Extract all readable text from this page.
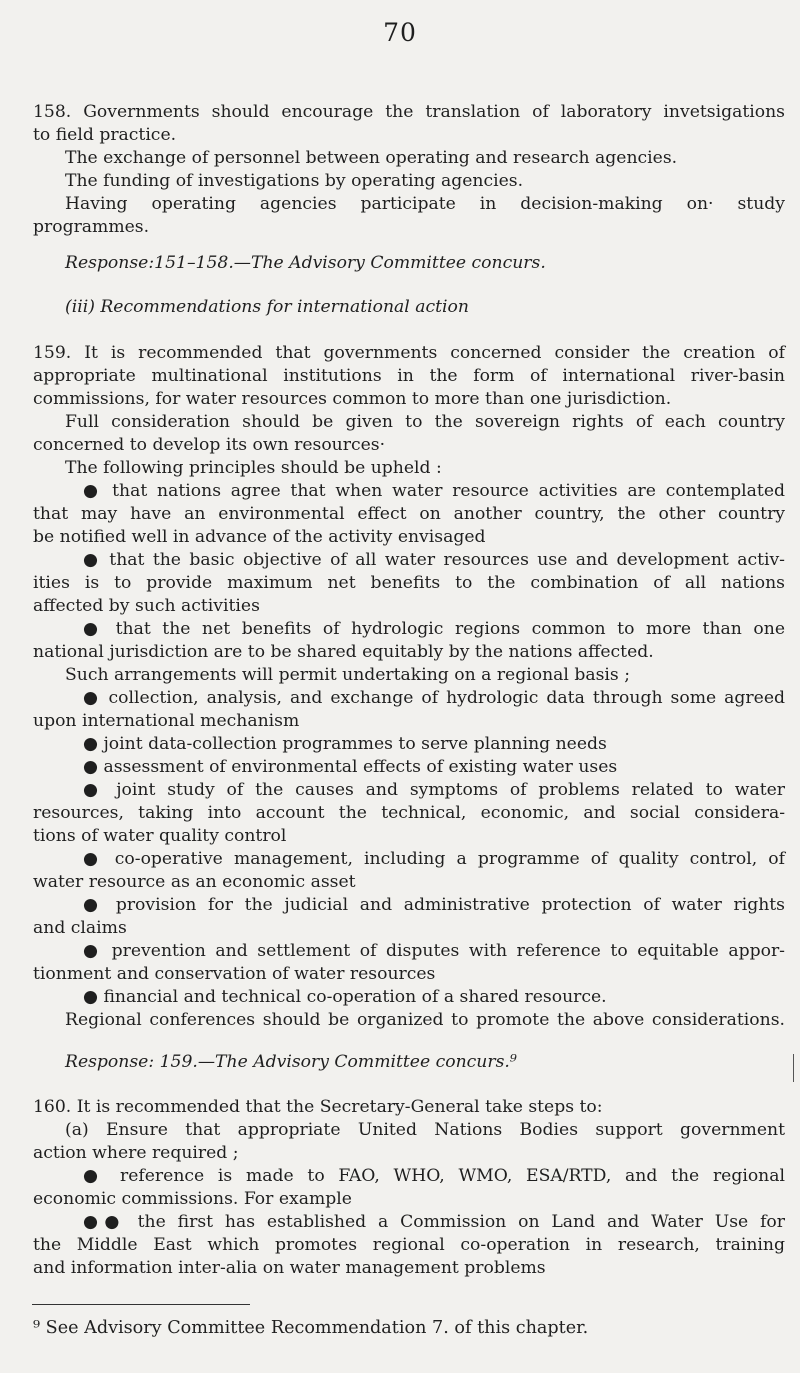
70
158. Governments should encourage the translation of laboratory invetsigations
to field practice.
The exchange of personnel between operating and research agencies.
The funding of investigations by operating agencies.
Having operating agencies participate in decision-making on· study
programmes.
Response:151–158.—The Advisory Committee concurs.
(iii) Recommendations for international action
159. It is recommended that governments concerned consider the creation of
appropriate multinational institutions in the form of international river-basin
commissions, for water resources common to more than one jurisdiction.
Full consideration should be given to the sovereign rights of each country
concerned to develop its own resources·
The following principles should be upheld :
● that nations agree that when water resource activities are contemplated
that may have an environmental effect on another country, the other country
be notified well in advance of the activity envisaged
● that the basic objective of all water resources use and development activ-
ities is to provide maximum net benefits to the combination of all nations
affected by such activities
● that the net benefits of hydrologic regions common to more than one
national jurisdiction are to be shared equitably by the nations affected.
Such arrangements will permit undertaking on a regional basis ;
● collection, analysis, and exchange of hydrologic data through some agreed
upon international mechanism
● joint data-collection programmes to serve planning needs
● assessment of environmental effects of existing water uses
● joint study of the causes and symptoms of problems related to water
resources, taking into account the technical, economic, and social considera-
tions of water quality control
● co-operative management, including a programme of quality control, of
water resource as an economic asset
● provision for the judicial and administrative protection of water rights
and claims
● prevention and settlement of disputes with reference to equitable appor-
tionment and conservation of water resources
● financial and technical co-operation of a shared resource.
Regional conferences should be organized to promote the above considerations.
Response: 159.—The Advisory Committee concurs.⁹
160. It is recommended that the Secretary-General take steps to:
(a) Ensure that appropriate United Nations Bodies support government
action where required ;
● reference is made to FAO, WHO, WMO, ESA/RTD, and the regional
economic commissions. For example
●● the first has established a Commission on Land and Water Use for
the Middle East which promotes regional co-operation in research, training
and information inter-alia on water management problems
⁹ See Advisory Committee Recommendation 7. of this chapter.
